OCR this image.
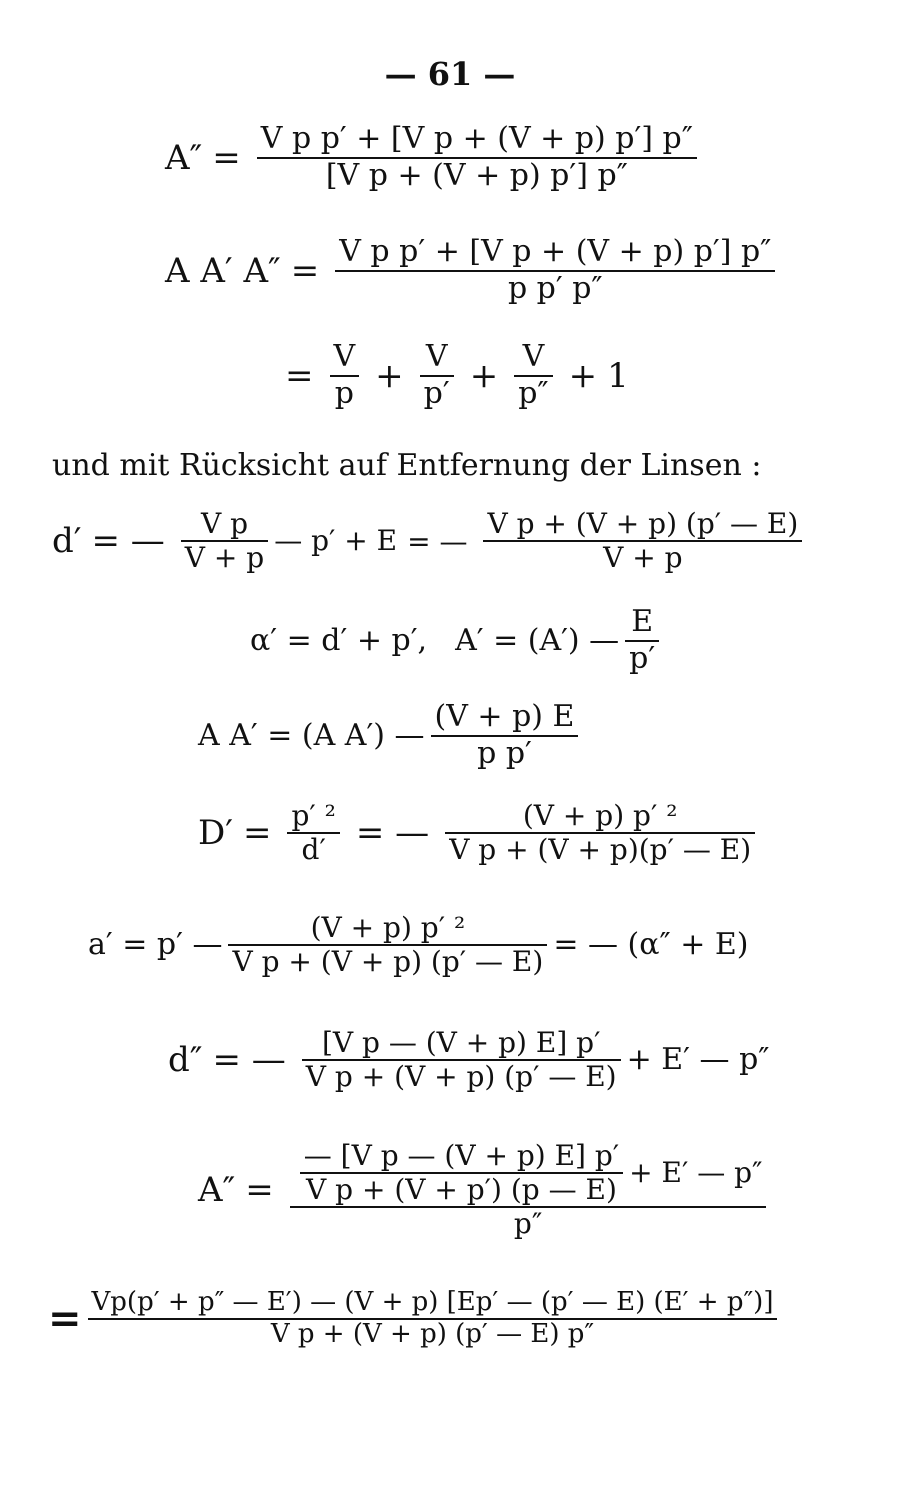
— 61 —
$A'' = \frac{\text{V p p′ + [V p + (V + p) p′] p″}}{\text{[V p + (V + p) p′] p″}}$
A A′ $A'' = \frac{\text{V p p′ + [V p + (V + p) p′] p″}}{\text{p p′ p″}}$
= $\frac{V}{p} + \frac{V}{p'} + \frac{V}{p''} + 1$
und mit Rücksicht auf Entfernung der Linsen :
d′ = — $\frac{\text{V p}}{V + p}$ — p′ + E = — $\frac{\text{V p + (V + p) (p′ — E)}}{V + p}$
α′ = d′ + p′, A′ = (A′) — $\frac{E}{p'}$
A A′ = (A A′) — $\frac{(V + p) E}{\text{p p′}}$
$D' = \frac{\text{p′ ²}}{d'}$ = — $\frac{\text{(V + p) p′ ²}}{\text{V p + (V + p)(p′ — E)}}$
a′ = p′ — $\frac{\text{(V + p) p′ ²}}{\text{V p + (V + p) (p′ — E)}}$ = — (α″ + E)
d″ = — $\frac{\text{[V p — (V + p) E] p′}}{\text{V p + (V + p) (p′ — E)}} + E'$ — p″
$A'' = \frac{\text{— [V p — (V + p) E] p′}}{\text{V p + (V + p′) (p — E)}} + E'$ — p″
p″
= $\frac{Vp(p' + p'' — E') — (V + p) [Ep' — (p' — E) (E' + p'')]}{\text{V p + (V + p) (p′ — E) p″}}$
